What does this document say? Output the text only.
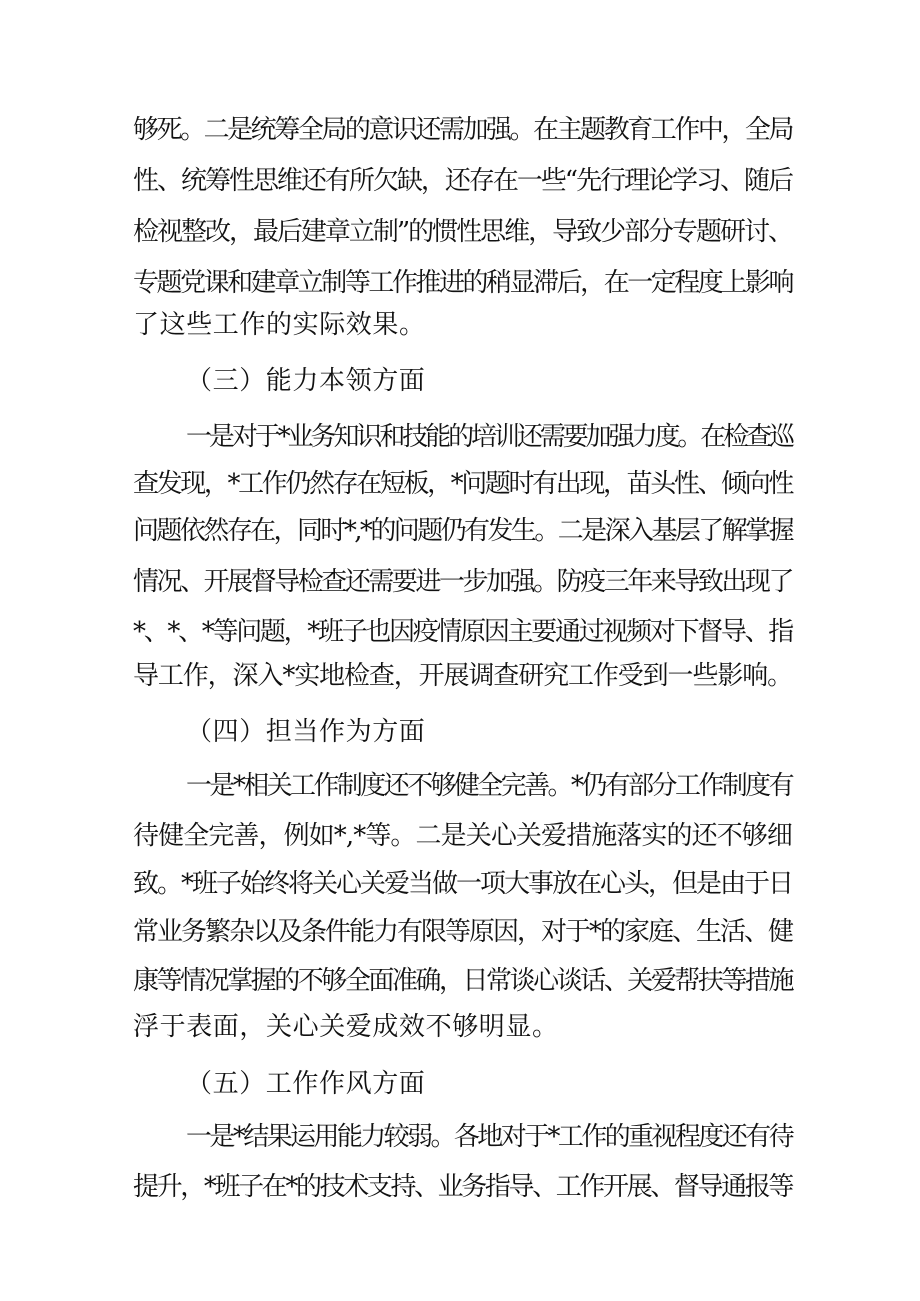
够死。二是统筹全局的意识还需加强。在主题教育工作中，全局
性、统筹性思维还有所欠缺，还存在一些“先行理论学习、随后
检视整改，最后建章立制”的惯性思维，导致少部分专题研讨、
专题党课和建章立制等工作推进的稍显滞后，在一定程度上影响
了这些工作的实际效果。
（三）能力本领方面
一是对于*业务知识和技能的培训还需要加强力度。在检查巡
查发现，*工作仍然存在短板，*问题时有出现，苗头性、倾向性
问题依然存在，同时*,*的问题仍有发生。二是深入基层了解掌握
情况、开展督导检查还需要进一步加强。防疫三年来导致出现了
*、*、*等问题，*班子也因疫情原因主要通过视频对下督导、指
导工作，深入*实地检查，开展调查研究工作受到一些影响。
（四）担当作为方面
一是*相关工作制度还不够健全完善。*仍有部分工作制度有
待健全完善，例如*,*等。二是关心关爱措施落实的还不够细
致。*班子始终将关心关爱当做一项大事放在心头，但是由于日
常业务繁杂以及条件能力有限等原因，对于*的家庭、生活、健
康等情况掌握的不够全面准确，日常谈心谈话、关爱帮扶等措施
浮于表面，关心关爱成效不够明显。
（五）工作作风方面
一是*结果运用能力较弱。各地对于*工作的重视程度还有待
提升，*班子在*的技术支持、业务指导、工作开展、督导通报等
